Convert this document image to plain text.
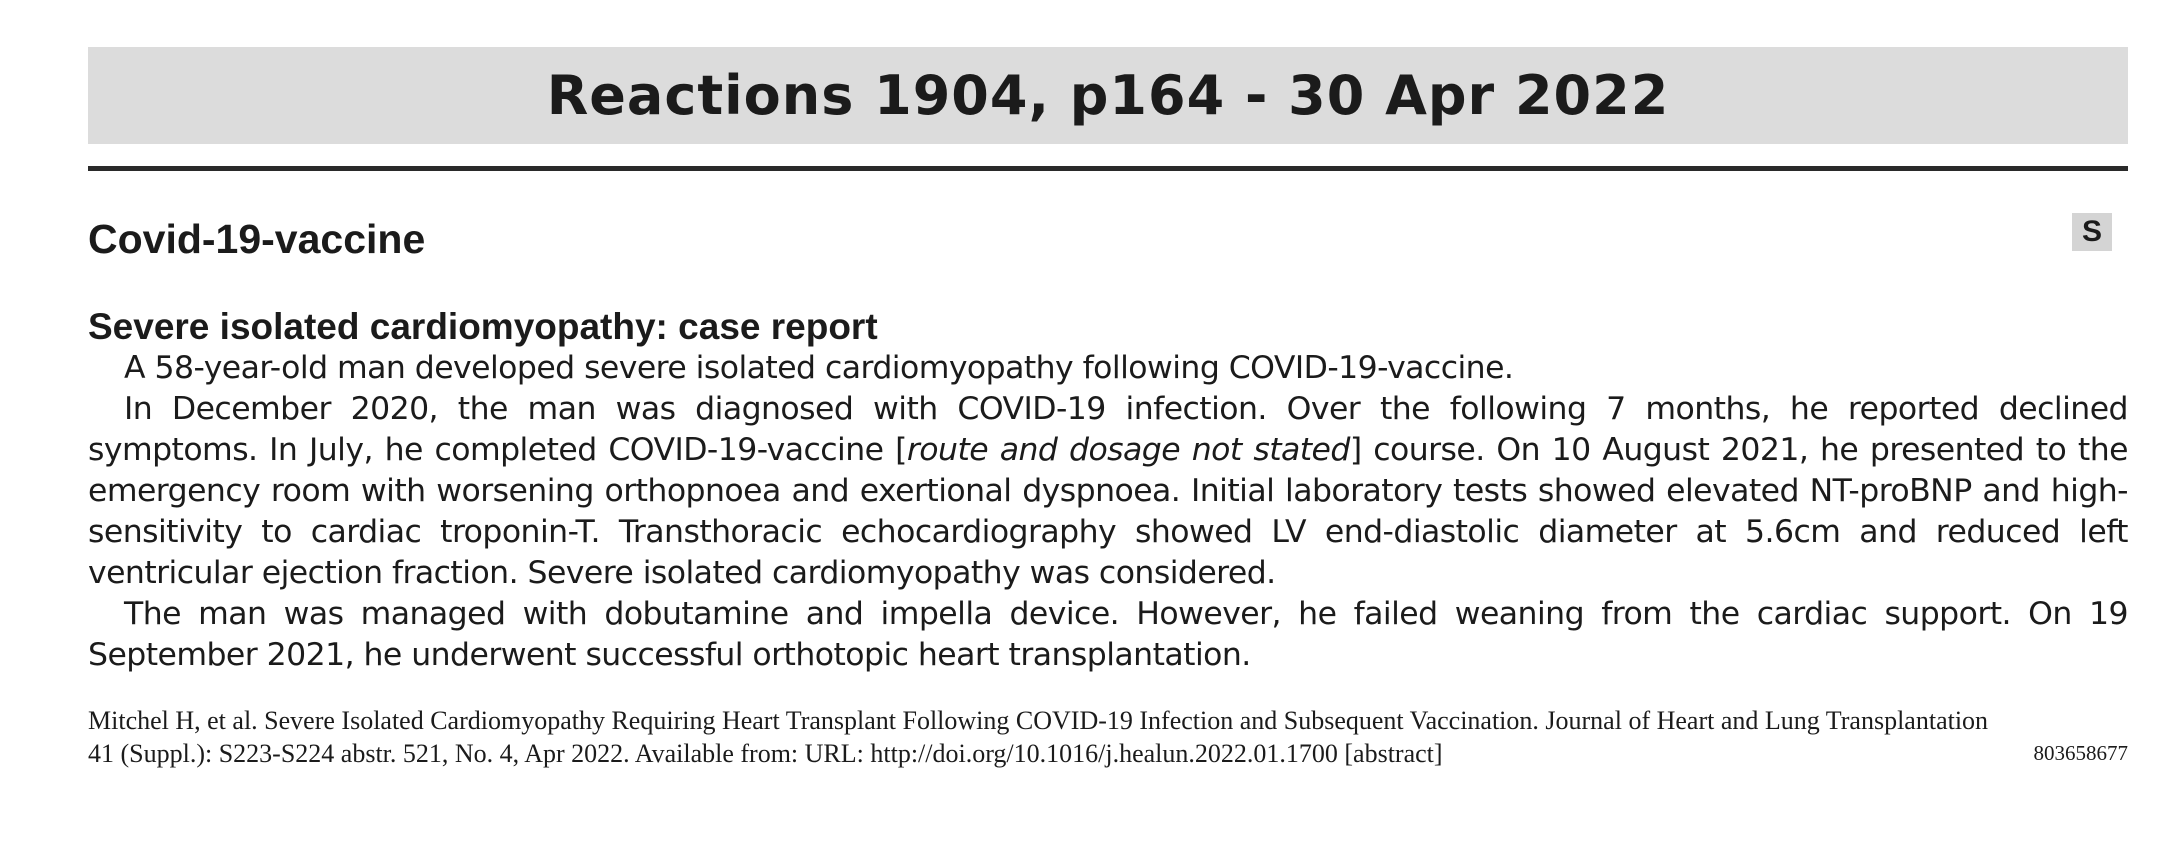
Reactions 1904, p164 - 30 Apr 2022
Covid-19-vaccine	S
Severe isolated cardiomyopathy: case report

A 58-year-old man developed severe isolated cardiomyopathy following COVID-19-vaccine.

In December 2020, the man was diagnosed with COVID-19 infection. Over the following 7 months, he reported declined symptoms. In July, he completed COVID-19-vaccine [route and dosage not stated] course. On 10 August 2021, he presented to the emergency room with worsening orthopnoea and exertional dyspnoea. Initial laboratory tests showed elevated NT-proBNP and high-sensitivity to cardiac troponin-T. Transthoracic echocardiography showed LV end-diastolic diameter at 5.6cm and reduced left ventricular ejection fraction. Severe isolated cardiomyopathy was considered.

The man was managed with dobutamine and impella device. However, he failed weaning from the cardiac support. On 19 September 2021, he underwent successful orthotopic heart transplantation.

Mitchel H, et al. Severe Isolated Cardiomyopathy Requiring Heart Transplant Following COVID-19 Infection and Subsequent Vaccination. Journal of Heart and Lung Transplantation 41 (Suppl.): S223-S224 abstr. 521, No. 4, Apr 2022. Available from: URL: http://doi.org/10.1016/j.healun.2022.01.1700 [abstract]	803658677
